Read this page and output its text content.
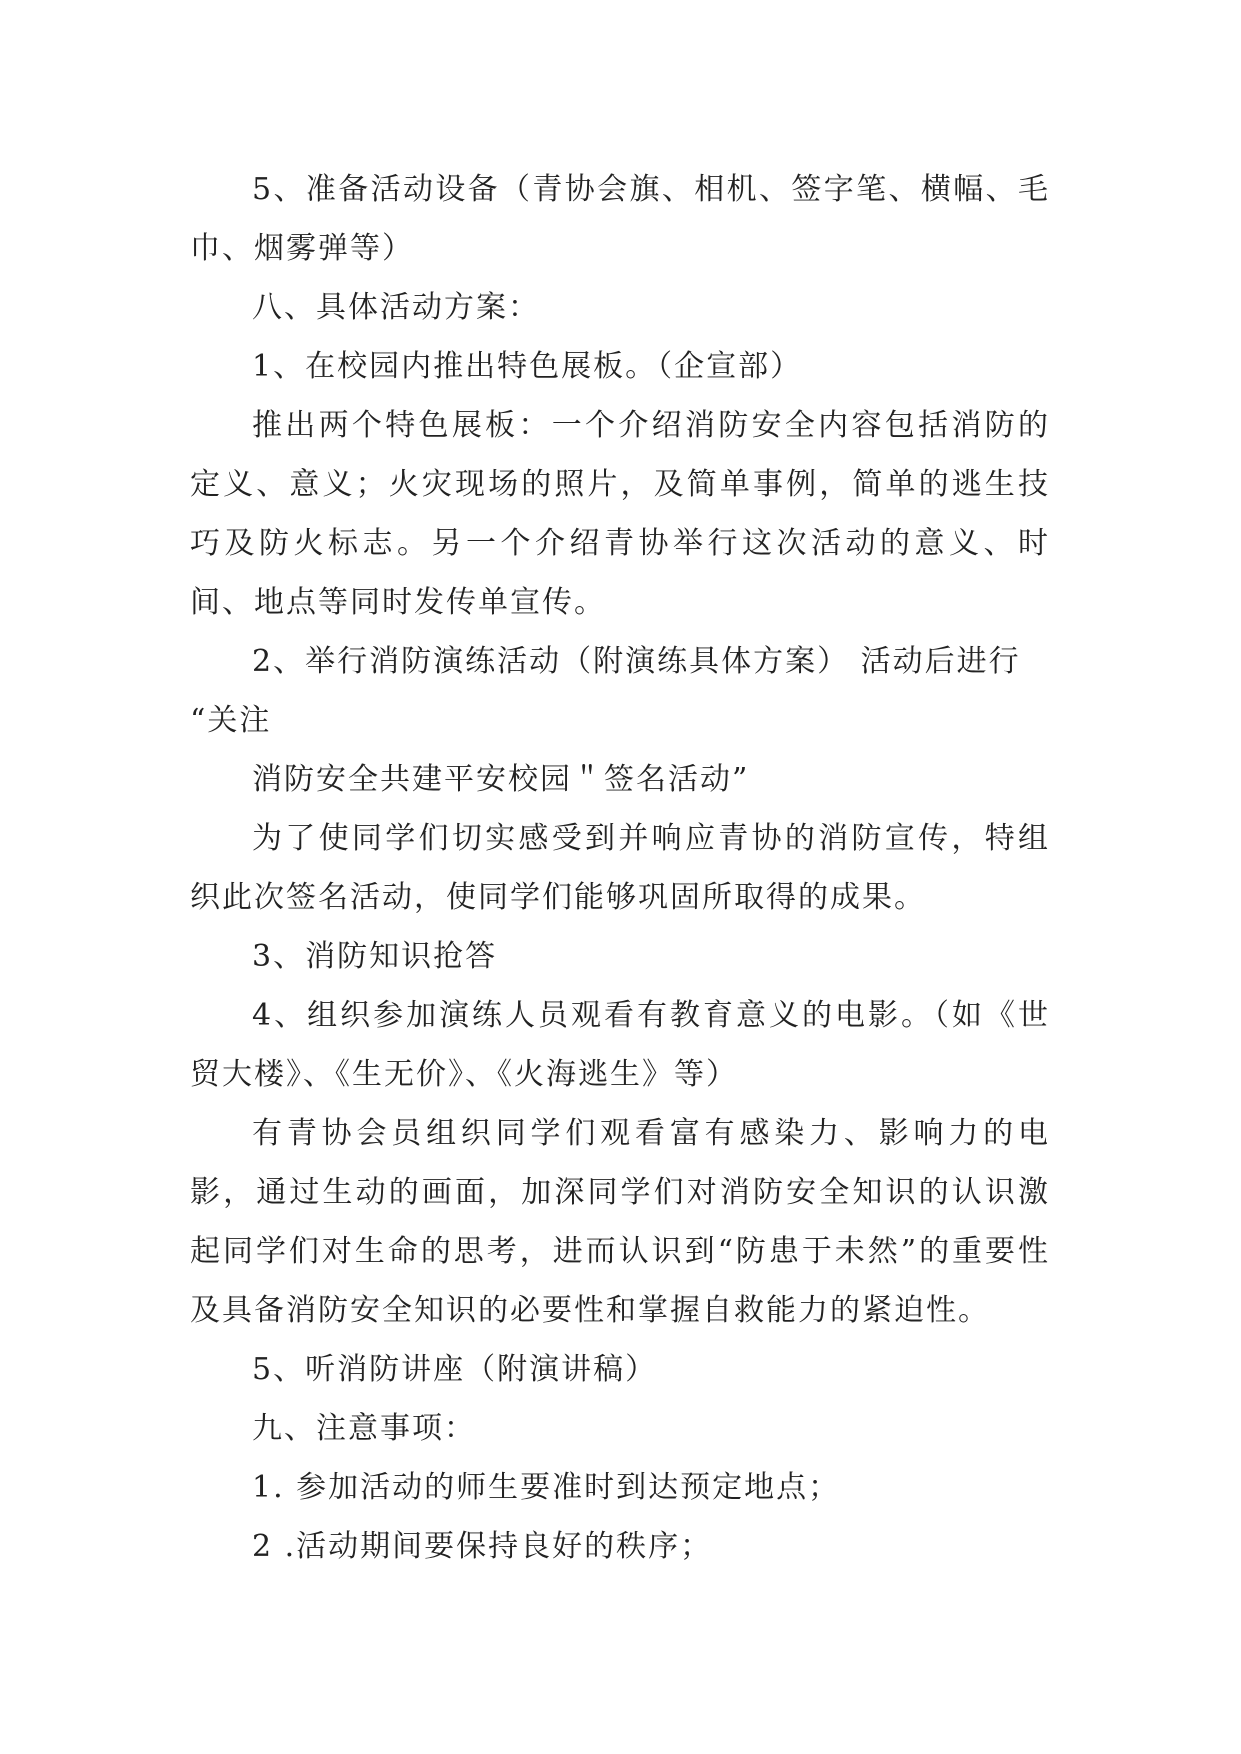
5、准备活动设备（青协会旗、相机、签字笔、横幅、毛巾、烟雾弹等）

八、具体活动方案：

1、在校园内推出特色展板。（企宣部）

推出两个特色展板：一个介绍消防安全内容包括消防的定义、意义；火灾现场的照片，及简单事例，简单的逃生技巧及防火标志。另一个介绍青协举行这次活动的意义、时间、地点等同时发传单宣传。

2、举行消防演练活动（附演练具体方案） 活动后进行

“关注

消防安全共建平安校园＂签名活动”

为了使同学们切实感受到并响应青协的消防宣传，特组织此次签名活动，使同学们能够巩固所取得的成果。

3、消防知识抢答

4、组织参加演练人员观看有教育意义的电影。（如《世贸大楼》、《生无价》、《火海逃生》等）

有青协会员组织同学们观看富有感染力、影响力的电影，通过生动的画面，加深同学们对消防安全知识的认识激起同学们对生命的思考，进而认识到“防患于未然”的重要性及具备消防安全知识的必要性和掌握自救能力的紧迫性。

5、听消防讲座（附演讲稿）

九、注意事项：

1. 参加活动的师生要准时到达预定地点；

2 .活动期间要保持良好的秩序；
